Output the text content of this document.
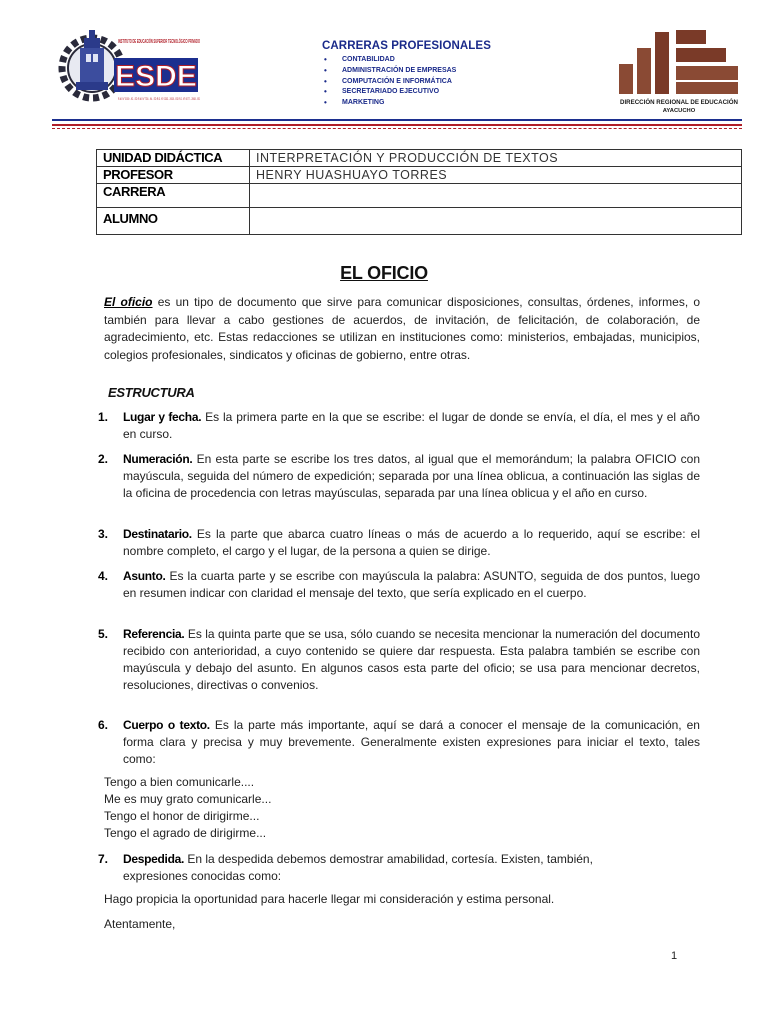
ESDE
INSTITUTO DE EDUCACIÓN SUPERIOR TECNOLÓGICO PRIVADO
R.M. N° 0000 - 92 - ED R.M. N° 738 - 94 - ED R.D. N° 0203 - 2008 - ED R.D. N° 0077 - 2008 - ED
CARRERAS PROFESIONALES
• CONTABILIDAD
• ADMINISTRACIÓN DE EMPRESAS
• COMPUTACIÓN E INFORMÁTICA
• SECRETARIADO EJECUTIVO
• MARKETING	DIRECCIÓN REGIONAL DE EDUCACIÓN
AYACUCHO
UNIDAD DIDÁCTICA	INTERPRETACIÓN Y PRODUCCIÓN DE TEXTOS
PROFESOR	HENRY HUASHUAYO TORRES
CARRERA	
ALUMNO	
EL OFICIO

El oficio es un tipo de documento que sirve para comunicar disposiciones, consultas, órdenes, informes, o también para llevar a cabo gestiones de acuerdos, de invitación, de felicitación, de colaboración, de agradecimiento, etc. Estas redacciones se utilizan en instituciones como: ministerios, embajadas, municipios, colegios profesionales, sindicatos y oficinas de gobierno, entre otras.

ESTRUCTURA
1. Lugar y fecha. Es la primera parte en la que se escribe: el lugar de donde se envía, el día, el mes y el año en curso.
2. Numeración. En esta parte se escribe los tres datos, al igual que el memorándum; la palabra OFICIO con mayúscula, seguida del número de expedición; separada por una línea oblicua, a continuación las siglas de la oficina de procedencia con letras mayúsculas, separada par una línea oblicua y el año en curso.
3. Destinatario. Es la parte que abarca cuatro líneas o más de acuerdo a lo requerido, aquí se escribe: el nombre completo, el cargo y el lugar, de la persona a quien se dirige.
4. Asunto. Es la cuarta parte y se escribe con mayúscula la palabra: ASUNTO, seguida de dos puntos, luego en resumen indicar con claridad el mensaje del texto, que sería explicado en el cuerpo.
5. Referencia. Es la quinta parte que se usa, sólo cuando se necesita mencionar la numeración del documento recibido con anterioridad, a cuyo contenido se quiere dar respuesta. Esta palabra también se escribe con mayúscula y debajo del asunto. En algunos casos esta parte del oficio; se usa para mencionar decretos, resoluciones, directivas o convenios.
6. Cuerpo o texto. Es la parte más importante, aquí se dará a conocer el mensaje de la comunicación, en forma clara y precisa y muy brevemente. Generalmente existen expresiones para iniciar el texto, tales como:
Tengo a bien comunicarle....
Me es muy grato comunicarle...
Tengo el honor de dirigirme...
Tengo el agrado de dirigirme...
7. Despedida. En la despedida debemos demostrar amabilidad, cortesía. Existen, también, expresiones conocidas como:
Hago propicia la oportunidad para hacerle llegar mi consideración y estima personal.
Atentamente,
1
